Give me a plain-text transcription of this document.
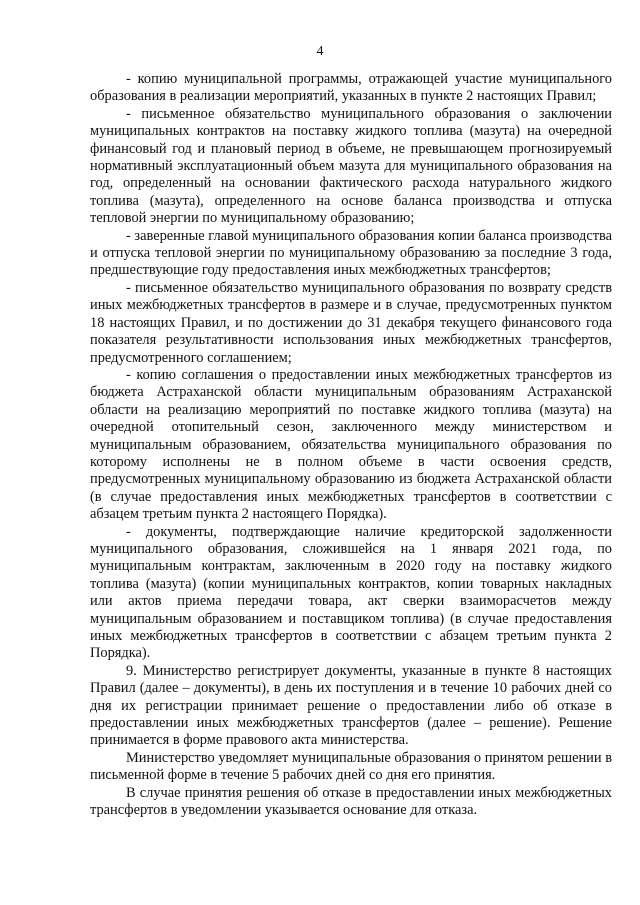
4

- копию муниципальной программы, отражающей участие муниципального образования в реализации мероприятий, указанных в пункте 2 настоящих Правил;

- письменное обязательство муниципального образования о заключении муниципальных контрактов на поставку жидкого топлива (мазута) на очередной финансовый год и плановый период в объеме, не превышающем прогнозируемый нормативный эксплуатационный объем мазута для муниципального образования на год, определенный на основании фактического расхода натурального жидкого топлива (мазута), определенного на основе баланса производства и отпуска тепловой энергии по муниципальному образованию;

- заверенные главой муниципального образования копии баланса производства и отпуска тепловой энергии по муниципальному образованию за последние 3 года, предшествующие году предоставления иных межбюджетных трансфертов;

- письменное обязательство муниципального образования по возврату средств иных межбюджетных трансфертов в размере и в случае, предусмотренных пунктом 18 настоящих Правил, и по достижении до 31 декабря текущего финансового года показателя результативности использования иных межбюджетных трансфертов, предусмотренного соглашением;

- копию соглашения о предоставлении иных межбюджетных трансфертов из бюджета Астраханской области муниципальным образованиям Астраханской области на реализацию мероприятий по поставке жидкого топлива (мазута) на очередной отопительный сезон, заключенного между министерством и муниципальным образованием, обязательства муниципального образования по которому исполнены не в полном объеме в части освоения средств, предусмотренных муниципальному образованию из бюджета Астраханской области (в случае предоставления иных межбюджетных трансфертов в соответствии с абзацем третьим пункта 2 настоящего Порядка).

- документы, подтверждающие наличие кредиторской задолженности муниципального образования, сложившейся на 1 января 2021 года, по муниципальным контрактам, заключенным в 2020 году на поставку жидкого топлива (мазута) (копии муниципальных контрактов, копии товарных накладных или актов приема передачи товара, акт сверки взаиморасчетов между муниципальным образованием и поставщиком топлива) (в случае предоставления иных межбюджетных трансфертов в соответствии с абзацем третьим пункта 2 Порядка).

9. Министерство регистрирует документы, указанные в пункте 8 настоящих Правил (далее – документы), в день их поступления и в течение 10 рабочих дней со дня их регистрации принимает решение о предоставлении либо об отказе в предоставлении иных межбюджетных трансфертов (далее – решение). Решение принимается в форме правового акта министерства.

Министерство уведомляет муниципальные образования о принятом решении в письменной форме в течение 5 рабочих дней со дня его принятия.

В случае принятия решения об отказе в предоставлении иных межбюджетных трансфертов в уведомлении указывается основание для отказа.
